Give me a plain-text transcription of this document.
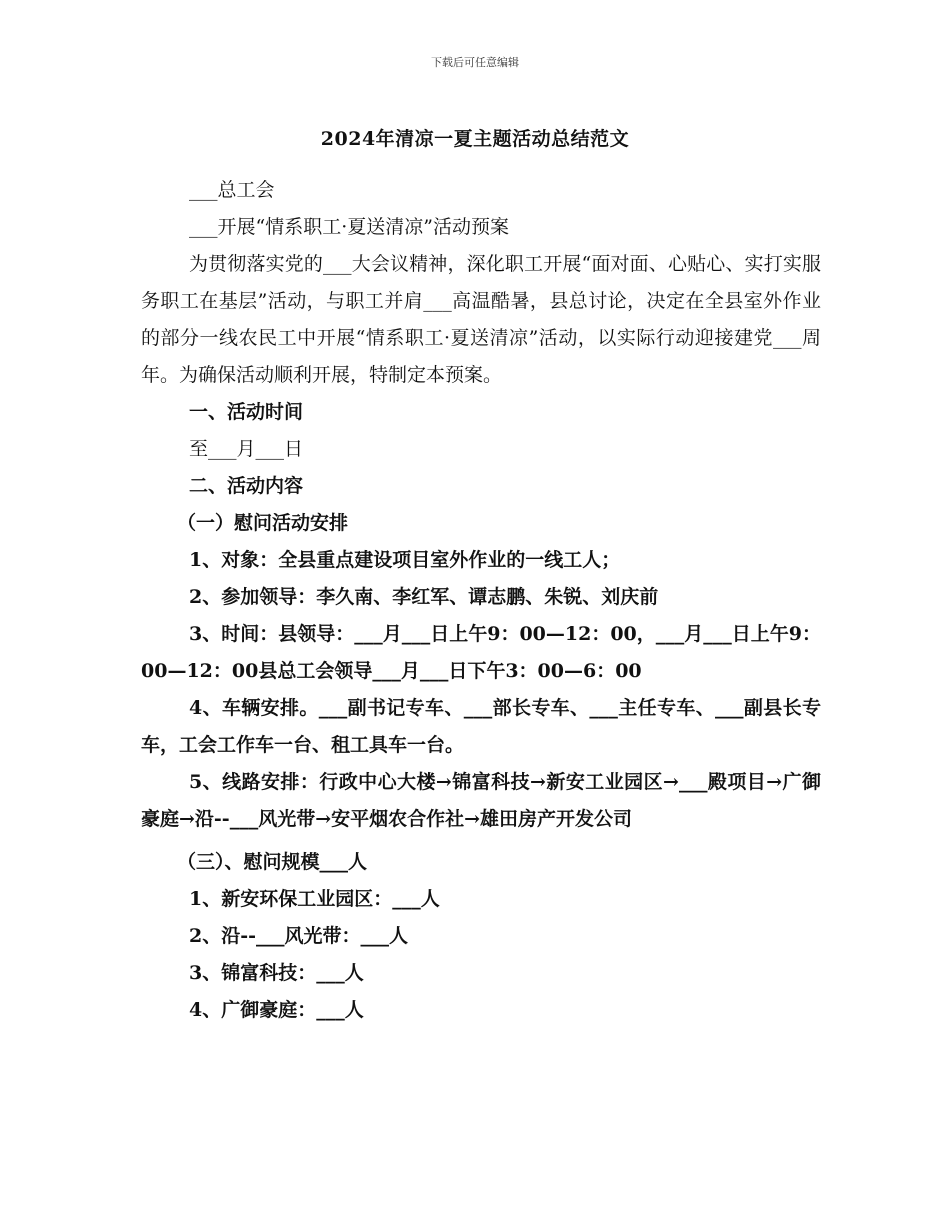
下载后可任意编辑
2024年清凉一夏主题活动总结范文

___总工会

___开展“情系职工·夏送清凉”活动预案

为贯彻落实党的___大会议精神，深化职工开展“面对面、心贴心、实打实服务职工在基层”活动，与职工并肩___高温酷暑，县总讨论，决定在全县室外作业的部分一线农民工中开展“情系职工·夏送清凉”活动，以实际行动迎接建党___周年。为确保活动顺利开展，特制定本预案。

一、活动时间

至___月___日

二、活动内容

（一）慰问活动安排

1、对象：全县重点建设项目室外作业的一线工人；

2、参加领导：李久南、李红军、谭志鹏、朱锐、刘庆前

3、时间：县领导：___月___日上午9：00—12：00，___月___日上午9：00—12：00县总工会领导___月___日下午3：00—6：00

4、车辆安排。___副书记专车、___部长专车、___主任专车、___副县长专车，工会工作车一台、租工具车一台。

5、线路安排：行政中心大楼→锦富科技→新安工业园区→___殿项目→广御豪庭→沿--___风光带→安平烟农合作社→雄田房产开发公司

（三）、慰问规模___人

1、新安环保工业园区：___人

2、沿--___风光带：___人

3、锦富科技：___人

4、广御豪庭：___人
